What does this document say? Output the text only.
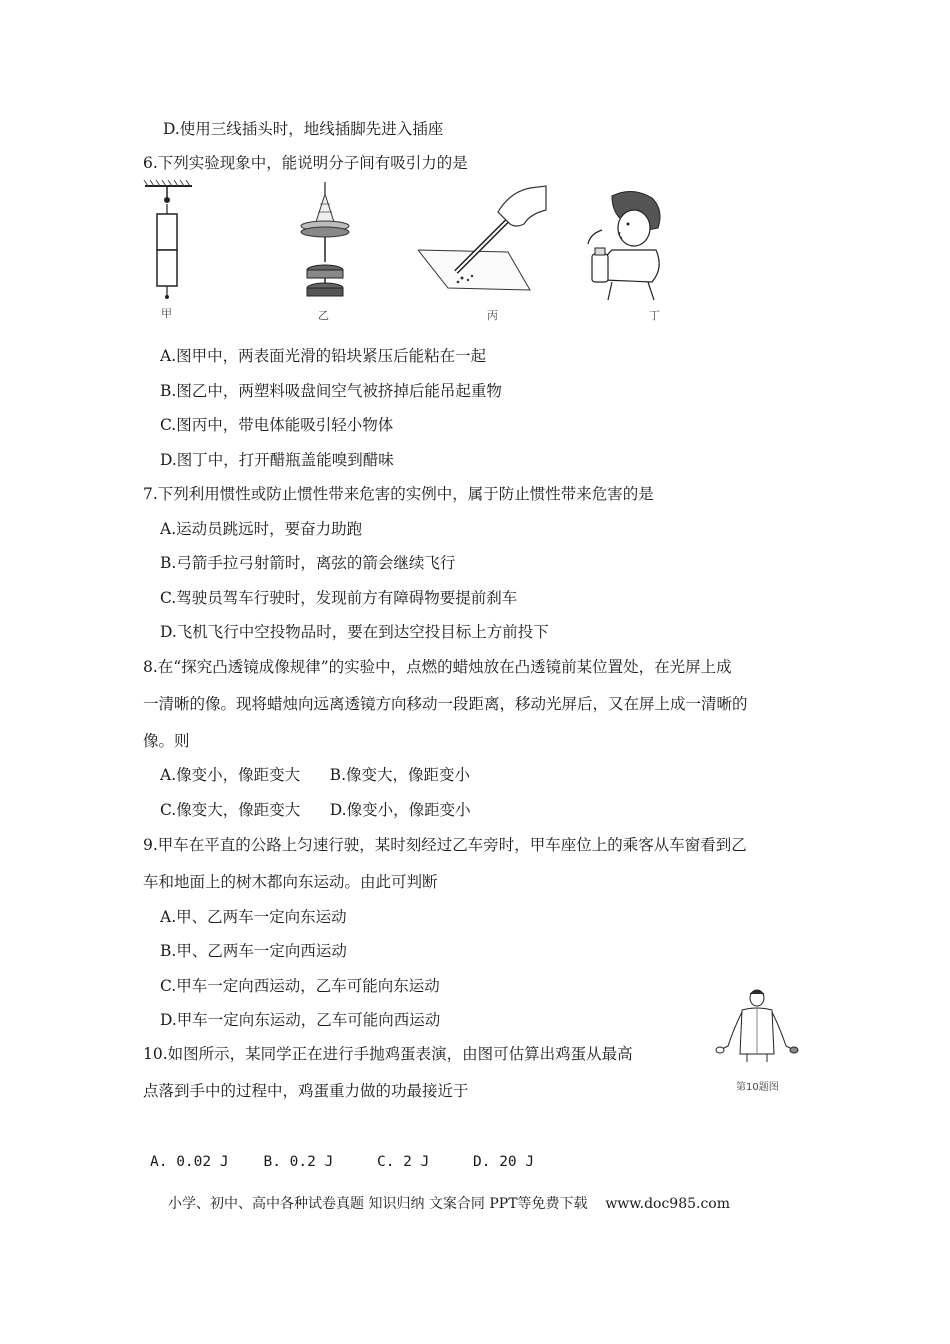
D.使用三线插头时，地线插脚先进入插座
6.下列实验现象中，能说明分子间有吸引力的是
甲	乙	丙	丁
A.图甲中，两表面光滑的铅块紧压后能粘在一起
B.图乙中，两塑料吸盘间空气被挤掉后能吊起重物
C.图丙中，带电体能吸引轻小物体
D.图丁中，打开醋瓶盖能嗅到醋味
7.下列利用惯性或防止惯性带来危害的实例中，属于防止惯性带来危害的是
A.运动员跳远时，要奋力助跑
B.弓箭手拉弓射箭时，离弦的箭会继续飞行
C.驾驶员驾车行驶时，发现前方有障碍物要提前刹车
D.飞机飞行中空投物品时，要在到达空投目标上方前投下
8.在“探究凸透镜成像规律”的实验中，点燃的蜡烛放在凸透镜前某位置处，在光屏上成
一清晰的像。现将蜡烛向远离透镜方向移动一段距离，移动光屏后，又在屏上成一清晰的
像。则
A.像变小，像距变大      B.像变大，像距变小
C.像变大，像距变大      D.像变小，像距变小
9.甲车在平直的公路上匀速行驶，某时刻经过乙车旁时，甲车座位上的乘客从车窗看到乙
车和地面上的树木都向东运动。由此可判断
A.甲、乙两车一定向东运动
B.甲、乙两车一定向西运动
C.甲车一定向西运动，乙车可能向东运动
D.甲车一定向东运动，乙车可能向西运动
第10题图
10.如图所示，某同学正在进行手抛鸡蛋表演，由图可估算出鸡蛋从最高
点落到手中的过程中，鸡蛋重力做的功最接近于
A. 0.02 J    B. 0.2 J     C. 2 J     D. 20 J
小学、初中、高中各种试卷真题 知识归纳 文案合同 PPT等免费下载    www.doc985.com
